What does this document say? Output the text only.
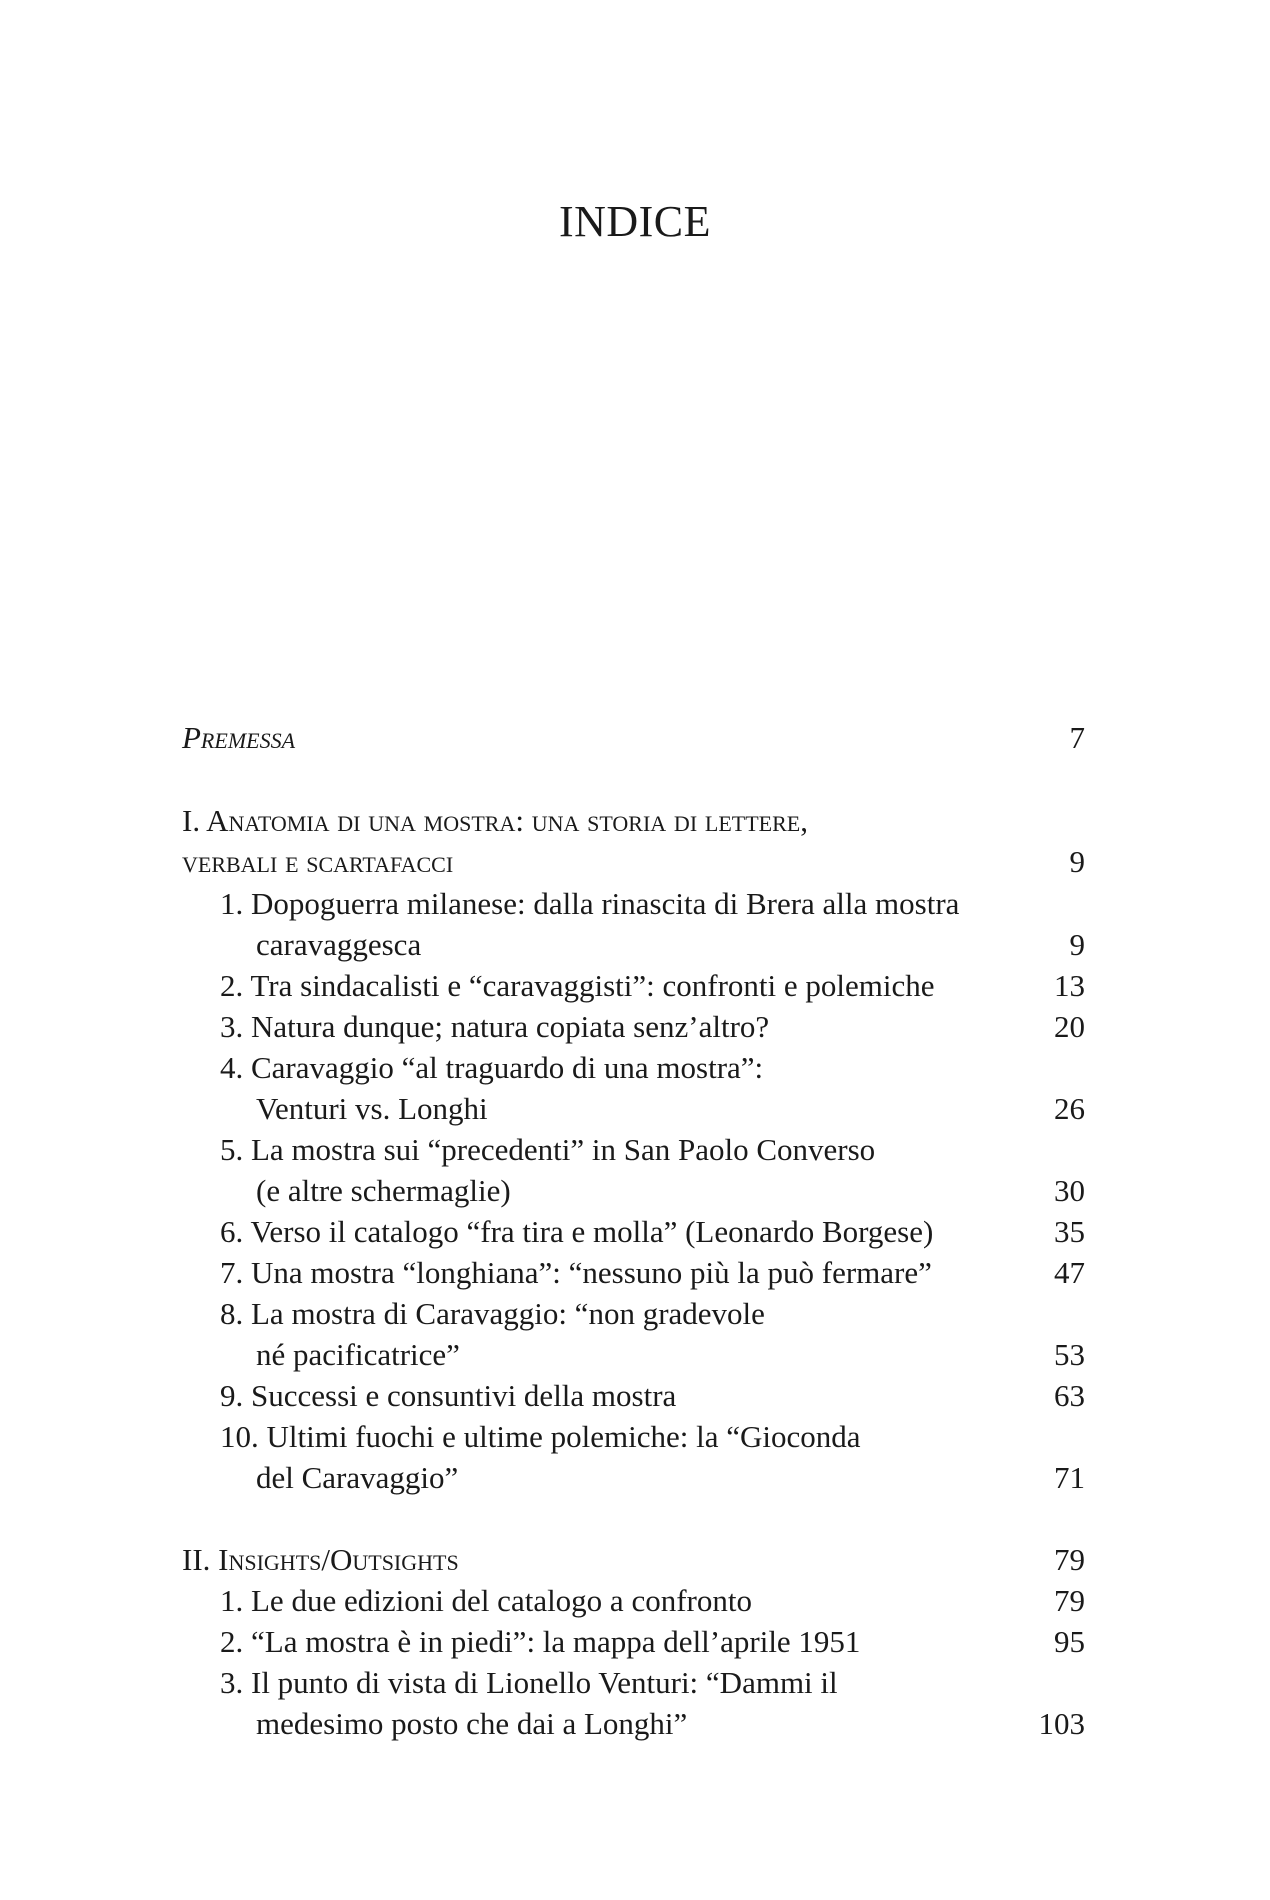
INDICE
Premessa	7
I. Anatomia di una mostra: una storia di lettere,
verbali e scartafacci	9
1. Dopoguerra milanese: dalla rinascita di Brera alla mostra
caravaggesca	9
2. Tra sindacalisti e “caravaggisti”: confronti e polemiche	13
3. Natura dunque; natura copiata senz’altro?	20
4. Caravaggio “al traguardo di una mostra”:
Venturi vs. Longhi	26
5. La mostra sui “precedenti” in San Paolo Converso
(e altre schermaglie)	30
6. Verso il catalogo “fra tira e molla” (Leonardo Borgese)	35
7. Una mostra “longhiana”: “nessuno più la può fermare”	47
8. La mostra di Caravaggio: “non gradevole
né pacificatrice”	53
9. Successi e consuntivi della mostra	63
10. Ultimi fuochi e ultime polemiche: la “Gioconda
del Caravaggio”	71
II. Insights/Outsights	79
1. Le due edizioni del catalogo a confronto	79
2. “La mostra è in piedi”: la mappa dell’aprile 1951	95
3. Il punto di vista di Lionello Venturi: “Dammi il
medesimo posto che dai a Longhi”	103
